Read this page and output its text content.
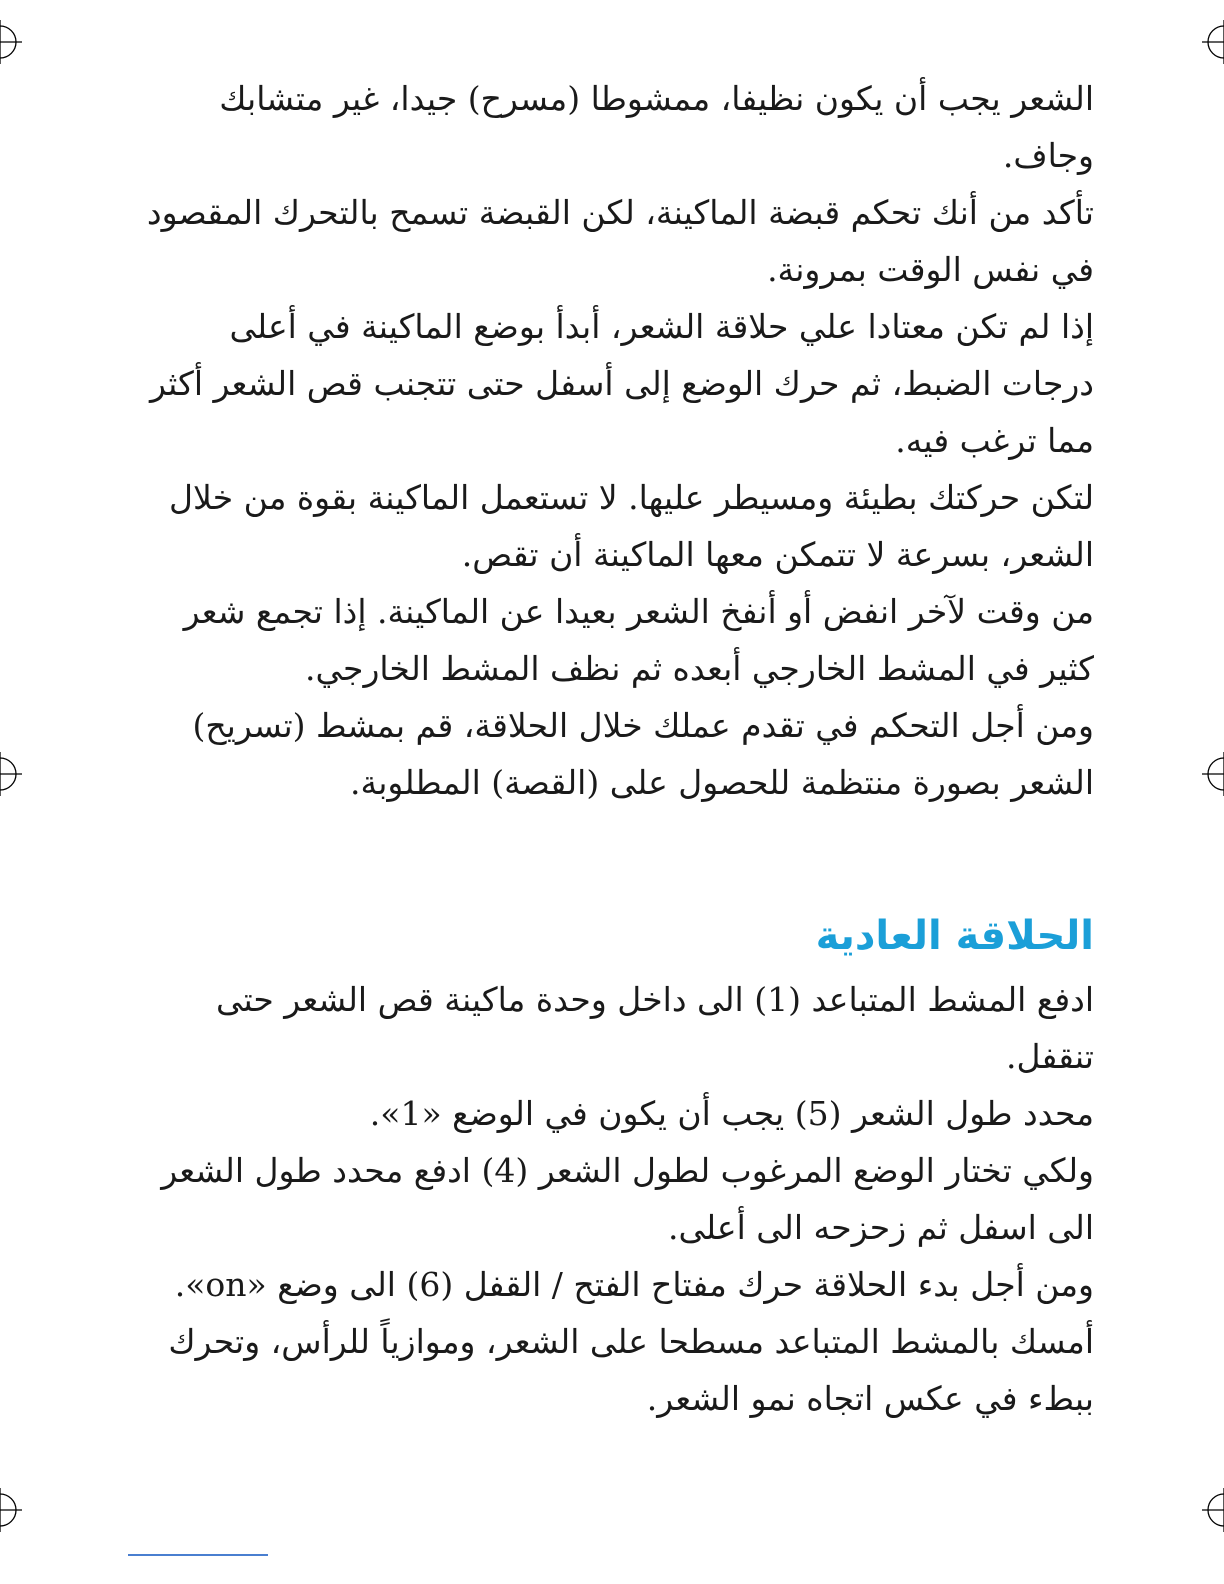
الشعر يجب أن يكون نظيفا، ممشوطا (مسرح) جيدا، غير متشابك وجاف.

تأكد من أنك تحكم قبضة الماكينة، لكن القبضة تسمح بالتحرك المقصود في نفس الوقت بمرونة.

إذا لم تكن معتادا علي حلاقة الشعر، أبدأ بوضع الماكينة في أعلى درجات الضبط، ثم حرك الوضع إلى أسفل حتى تتجنب قص الشعر أكثر مما ترغب فيه.

لتكن حركتك بطيئة ومسيطر عليها. لا تستعمل الماكينة بقوة من خلال الشعر، بسرعة لا تتمكن معها الماكينة أن تقص.

من وقت لآخر انفض أو أنفخ الشعر بعيدا عن الماكينة. إذا تجمع شعر كثير في المشط الخارجي أبعده ثم نظف المشط الخارجي.

ومن أجل التحكم في تقدم عملك خلال الحلاقة، قم بمشط (تسريح) الشعر بصورة منتظمة للحصول على (القصة) المطلوبة.

الحلاقة العادية

ادفع المشط المتباعد (1) الى داخل وحدة ماكينة قص الشعر حتى تنقفل.

محدد طول الشعر (5) يجب أن يكون في الوضع «1».

ولكي تختار الوضع المرغوب لطول الشعر (4) ادفع محدد طول الشعر الى اسفل ثم زحزحه الى أعلى.

ومن أجل بدء الحلاقة حرك مفتاح الفتح / القفل (6) الى وضع «on».

أمسك بالمشط المتباعد مسطحا على الشعر، وموازياً للرأس، وتحرك ببطء في عكس اتجاه نمو الشعر.
